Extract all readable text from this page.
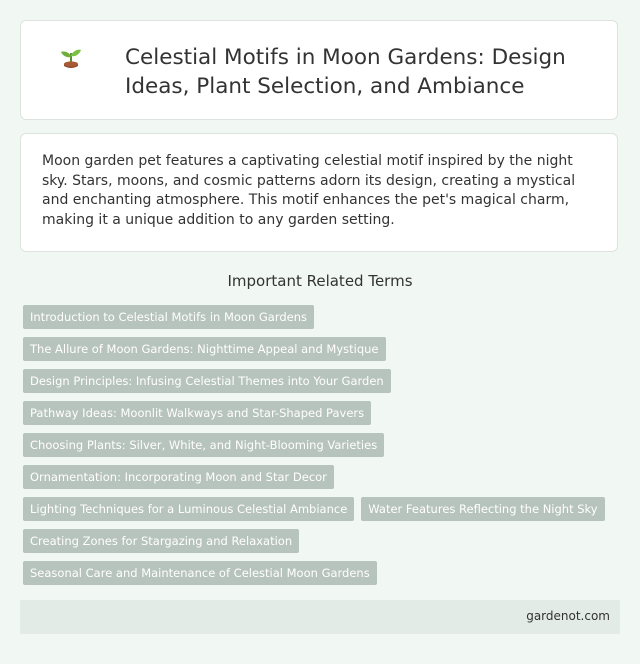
Celestial Motifs in Moon Gardens: Design Ideas, Plant Selection, and Ambiance

Moon garden pet features a captivating celestial motif inspired by the night sky. Stars, moons, and cosmic patterns adorn its design, creating a mystical and enchanting atmosphere. This motif enhances the pet's magical charm, making it a unique addition to any garden setting.

Important Related Terms
Introduction to Celestial Motifs in Moon Gardens
The Allure of Moon Gardens: Nighttime Appeal and Mystique
Design Principles: Infusing Celestial Themes into Your Garden
Pathway Ideas: Moonlit Walkways and Star-Shaped Pavers
Choosing Plants: Silver, White, and Night-Blooming Varieties
Ornamentation: Incorporating Moon and Star Decor
Lighting Techniques for a Luminous Celestial Ambiance	Water Features Reflecting the Night Sky
Creating Zones for Stargazing and Relaxation
Seasonal Care and Maintenance of Celestial Moon Gardens
gardenot.com
